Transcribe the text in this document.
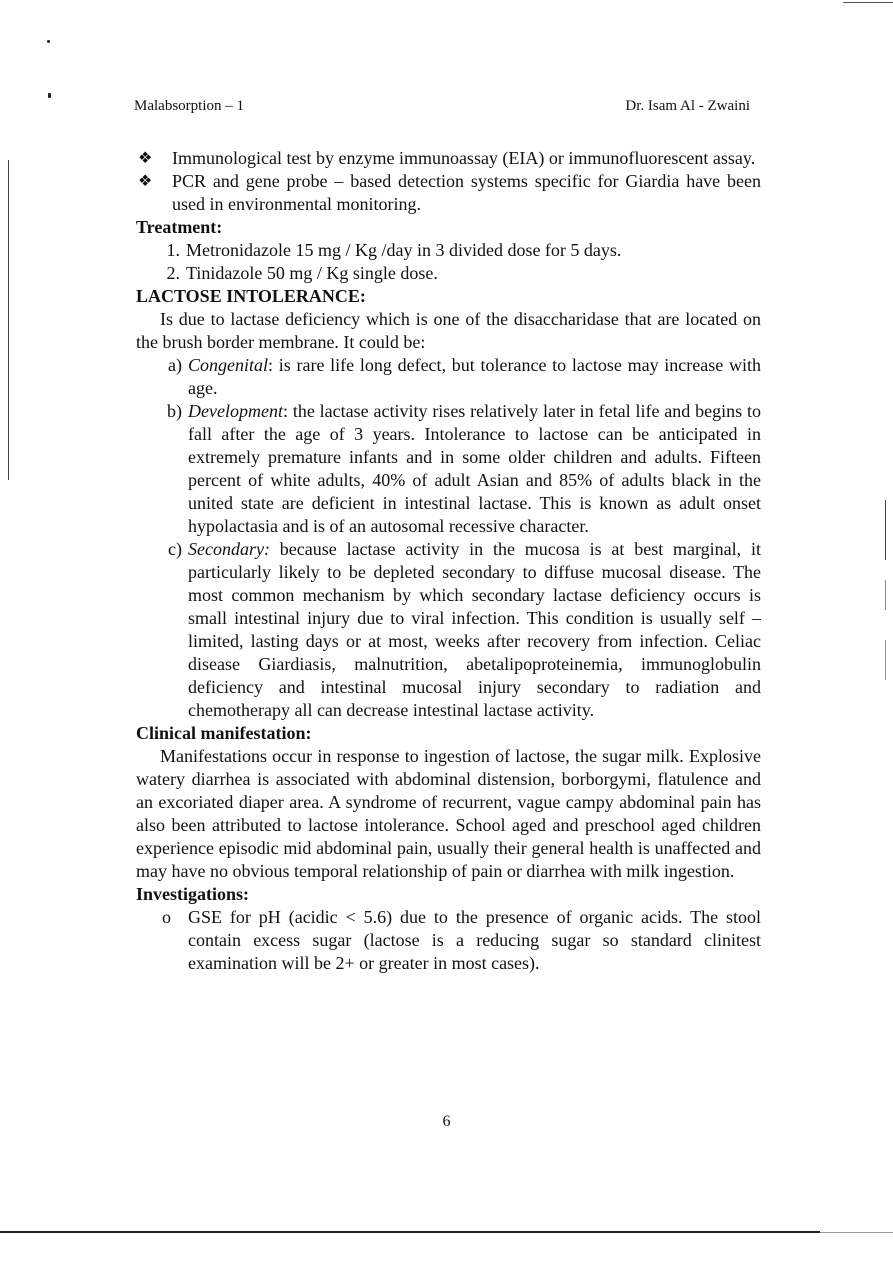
Malabsorption – 1	Dr. Isam Al - Zwaini
❖	Immunological test by enzyme immunoassay (EIA) or immunofluorescent assay.
❖	PCR and gene probe – based detection systems specific for Giardia have been used in environmental monitoring.
Treatment:
1. Metronidazole 15 mg / Kg /day in 3 divided dose for 5 days.
2. Tinidazole 50 mg / Kg single dose.
LACTOSE INTOLERANCE:
Is due to lactase deficiency which is one of the disaccharidase that are located on the brush border membrane. It could be:
a) Congenital: is rare life long defect, but tolerance to lactose may increase with age.
b) Development: the lactase activity rises relatively later in fetal life and begins to fall after the age of 3 years. Intolerance to lactose can be anticipated in extremely premature infants and in some older children and adults. Fifteen percent of white adults, 40% of adult Asian and 85% of adults black in the united state are deficient in intestinal lactase. This is known as adult onset hypolactasia and is of an autosomal recessive character.
c) Secondary: because lactase activity in the mucosa is at best marginal, it particularly likely to be depleted secondary to diffuse mucosal disease. The most common mechanism by which secondary lactase deficiency occurs is small intestinal injury due to viral infection. This condition is usually self – limited, lasting days or at most, weeks after recovery from infection. Celiac disease Giardiasis, malnutrition, abetalipoproteinemia, immunoglobulin deficiency and intestinal mucosal injury secondary to radiation and chemotherapy all can decrease intestinal lactase activity.
Clinical manifestation:
Manifestations occur in response to ingestion of lactose, the sugar milk. Explosive watery diarrhea is associated with abdominal distension, borborgymi, flatulence and an excoriated diaper area. A syndrome of recurrent, vague campy abdominal pain has also been attributed to lactose intolerance. School aged and preschool aged children experience episodic mid abdominal pain, usually their general health is unaffected and may have no obvious temporal relationship of pain or diarrhea with milk ingestion.
Investigations:
o GSE for pH (acidic < 5.6) due to the presence of organic acids. The stool contain excess sugar (lactose is a reducing sugar so standard clinitest examination will be 2+ or greater in most cases).
6
